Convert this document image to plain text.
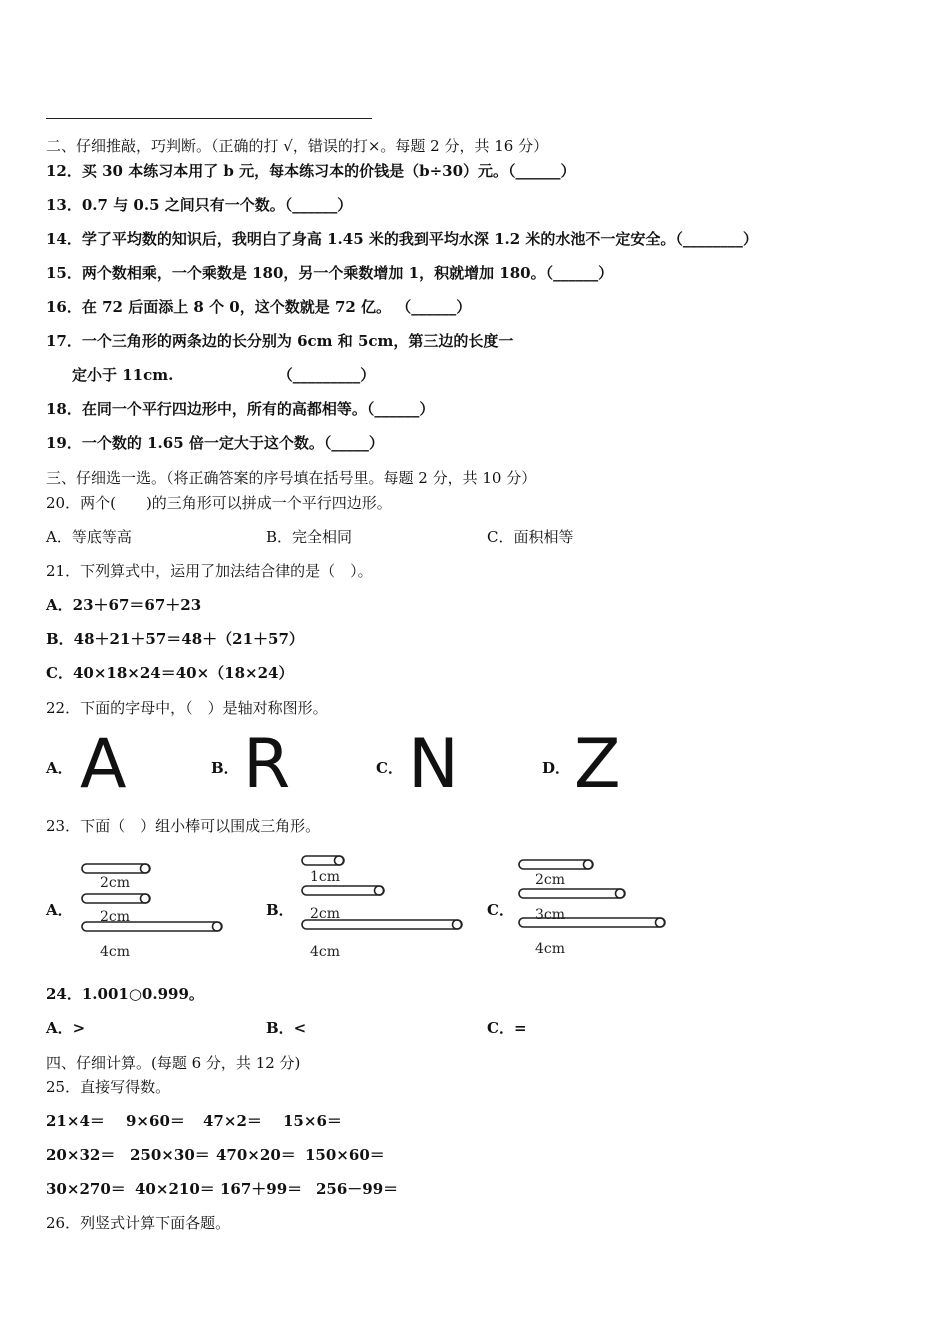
二、仔细推敲，巧判断。（正确的打 √，错误的打×。每题 2 分，共 16 分）
12．买 30 本练习本用了 b 元，每本练习本的价钱是（b÷30）元。（______）
13．0.7 与 0.5 之间只有一个数。（______）
14．学了平均数的知识后，我明白了身高 1.45 米的我到平均水深 1.2 米的水池不一定安全。（________）
15．两个数相乘，一个乘数是 180，另一个乘数增加 1，积就增加 180。（______）
16．在 72 后面添上 8 个 0，这个数就是 72 亿。 （______）
17．一个三角形的两条边的长分别为 6cm 和 5cm，第三边的长度一
定小于 11cm.                    （_________）
18．在同一个平行四边形中，所有的高都相等。（______）
19．一个数的 1.65 倍一定大于这个数。（_____）
三、仔细选一选。（将正确答案的序号填在括号里。每题 2 分，共 10 分）
20．两个(　　)的三角形可以拼成一个平行四边形。
A．等底等高	B．完全相同	C．面积相等
21．下列算式中，运用了加法结合律的是（　）。
A．23＋67＝67＋23
B．48＋21＋57＝48＋（21＋57）
C．40×18×24＝40×（18×24）
22．下面的字母中，（　）是轴对称图形。
A． A	B． R	C． N	D． Z
23．下面（　）组小棒可以围成三角形。
A．
2cm
2cm
4cm
B．
1cm
2cm
4cm
C．
2cm
3cm
4cm
24．1.001○0.999。
A．>	B．<	C．=
四、仔细计算。(每题 6 分，共 12 分)
25．直接写得数。
21×4＝ 9×60＝ 47×2＝ 15×6＝
20×32＝ 250×30＝ 470×20＝ 150×60＝
30×270＝ 40×210＝ 167＋99＝ 256－99＝
26．列竖式计算下面各题。
